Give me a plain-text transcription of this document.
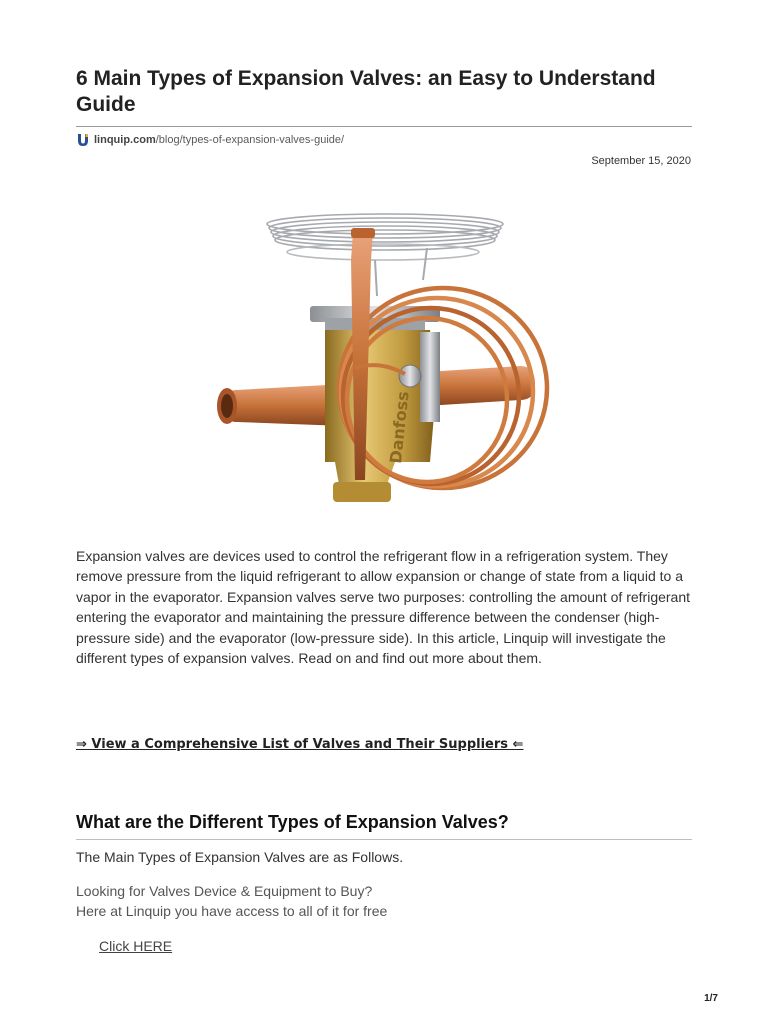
6 Main Types of Expansion Valves: an Easy to Understand Guide
linquip.com /blog/types-of-expansion-valves-guide/
September 15, 2020
Danfoss

Expansion valves are devices used to control the refrigerant flow in a refrigeration system. They remove pressure from the liquid refrigerant to allow expansion or change of state from a liquid to a vapor in the evaporator. Expansion valves serve two purposes: controlling the amount of refrigerant entering the evaporator and maintaining the pressure difference between the condenser (high-pressure side) and the evaporator (low-pressure side). In this article, Linquip will investigate the different types of expansion valves. Read on and find out more about them.

⇒ View a Comprehensive List of Valves and Their Suppliers ⇐
What are the Different Types of Expansion Valves?

The Main Types of Expansion Valves are as Follows.

Looking for Valves Device & Equipment to Buy?

Here at Linquip you have access to all of it for free

Click HERE
1/7
